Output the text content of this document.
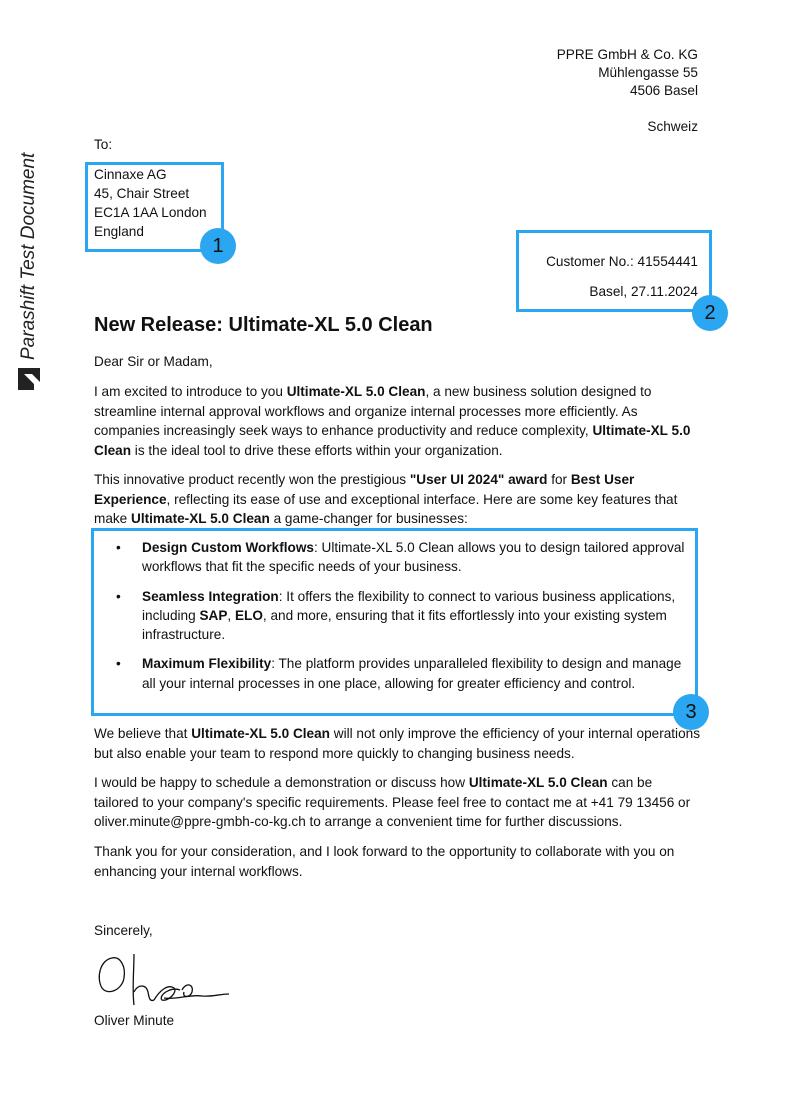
Parashift Test Document
PPRE GmbH & Co. KG
Mühlengasse 55
4506 Basel
Schweiz
To:
Cinnaxe AG
45, Chair Street
EC1A 1AA London
England
1
Customer No.: 41554441
Basel, 27.11.2024
2
New Release: Ultimate-XL 5.0 Clean
Dear Sir or Madam,

I am excited to introduce to you Ultimate-XL 5.0 Clean, a new business solution designed to streamline internal approval workflows and organize internal processes more efficiently. As companies increasingly seek ways to enhance productivity and reduce complexity, Ultimate-XL 5.0 Clean is the ideal tool to drive these efforts within your organization.

This innovative product recently won the prestigious "User UI 2024" award for Best User Experience, reflecting its ease of use and exceptional interface. Here are some key features that make Ultimate-XL 5.0 Clean a game-changer for businesses:

• Design Custom Workflows: Ultimate-XL 5.0 Clean allows you to design tailored approval workflows that fit the specific needs of your business.
• Seamless Integration: It offers the flexibility to connect to various business applications, including SAP, ELO, and more, ensuring that it fits effortlessly into your existing system infrastructure.
• Maximum Flexibility: The platform provides unparalleled flexibility to design and manage all your internal processes in one place, allowing for greater efficiency and control.
3

We believe that Ultimate-XL 5.0 Clean will not only improve the efficiency of your internal operations but also enable your team to respond more quickly to changing business needs.

I would be happy to schedule a demonstration or discuss how Ultimate-XL 5.0 Clean can be tailored to your company's specific requirements. Please feel free to contact me at +41 79 13456 or oliver.minute@ppre-gmbh-co-kg.ch to arrange a convenient time for further discussions.

Thank you for your consideration, and I look forward to the opportunity to collaborate with you on enhancing your internal workflows.

Sincerely,
Oliver Minute
